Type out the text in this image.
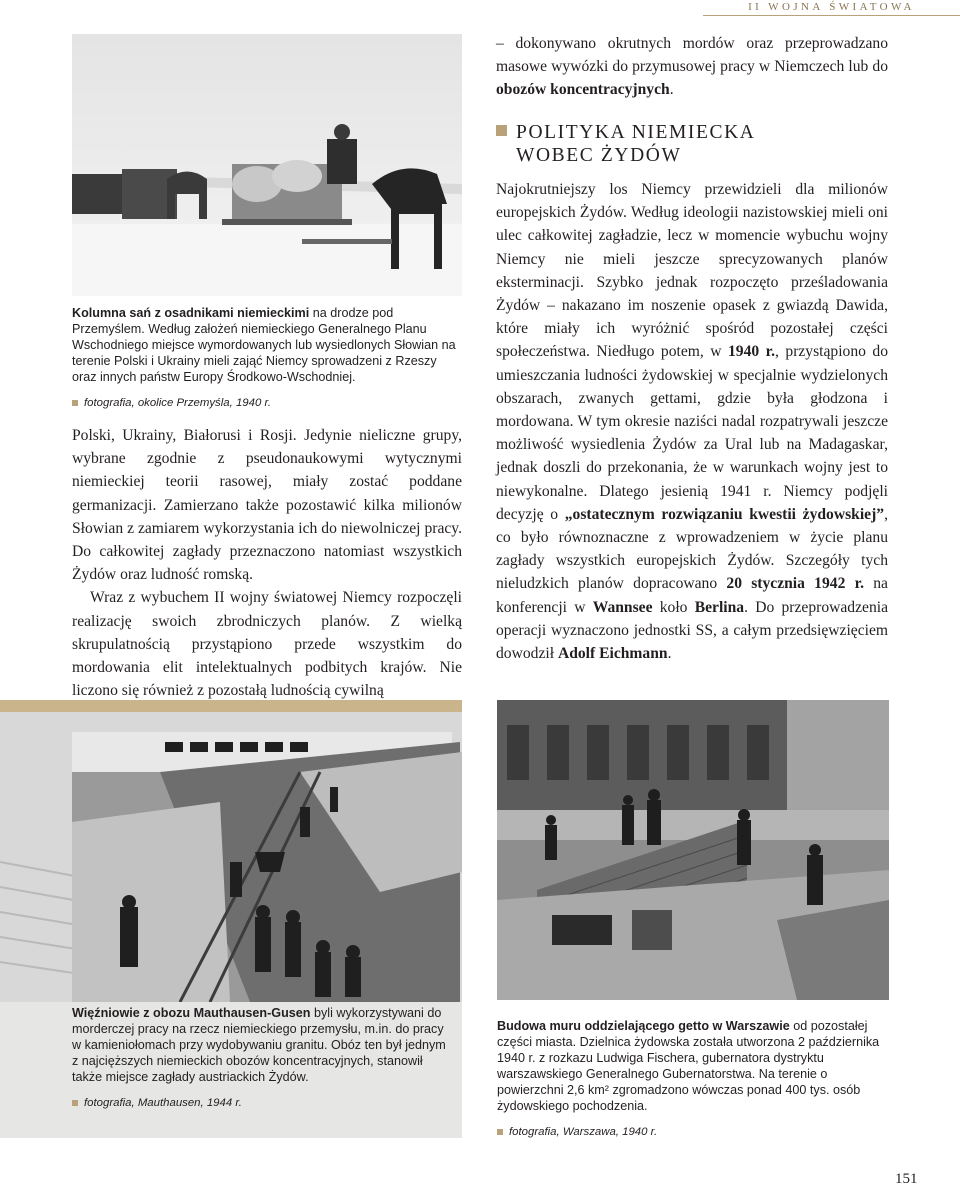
II WOJNA ŚWIATOWA
Kolumna sań z osadnikami niemieckimi na drodze pod Przemyślem. Według założeń niemieckiego Generalnego Planu Wschodniego miejsce wymordowanych lub wysiedlonych Słowian na terenie Polski i Ukrainy mieli zająć Niemcy sprowadzeni z Rzeszy oraz innych państw Europy Środkowo-Wschodniej.
fotografia, okolice Przemyśla, 1940 r.

Polski, Ukrainy, Białorusi i Rosji. Jedynie nieliczne grupy, wybrane zgodnie z pseudonaukowymi wytycznymi niemieckiej teorii rasowej, miały zostać poddane germanizacji. Zamierzano także pozostawić kilka milionów Słowian z zamiarem wykorzystania ich do niewolniczej pracy. Do całkowitej zagłady przeznaczono natomiast wszystkich Żydów oraz ludność romską.

Wraz z wybuchem II wojny światowej Niemcy rozpoczęli realizację swoich zbrodniczych planów. Z wielką skrupulatnością przystąpiono przede wszystkim do mordowania elit intelektualnych podbitych krajów. Nie liczono się również z pozostałą ludnością cywilną

– dokonywano okrutnych mordów oraz przeprowadzano masowe wywózki do przymusowej pracy w Niemczech lub do obozów koncentracyjnych.

POLITYKA NIEMIECKA
WOBEC ŻYDÓW

Najokrutniejszy los Niemcy przewidzieli dla milionów europejskich Żydów. Według ideologii nazistowskiej mieli oni ulec całkowitej zagładzie, lecz w momencie wybuchu wojny Niemcy nie mieli jeszcze sprecyzowanych planów eksterminacji. Szybko jednak rozpoczęto prześladowania Żydów – nakazano im noszenie opasek z gwiazdą Dawida, które miały ich wyróżnić spośród pozostałej części społeczeństwa. Niedługo potem, w 1940 r., przystąpiono do umieszczania ludności żydowskiej w specjalnie wydzielonych obszarach, zwanych gettami, gdzie była głodzona i mordowana. W tym okresie naziści nadal rozpatrywali jeszcze możliwość wysiedlenia Żydów za Ural lub na Madagaskar, jednak doszli do przekonania, że w warunkach wojny jest to niewykonalne. Dlatego jesienią 1941 r. Niemcy podjęli decyzję o „ostatecznym rozwiązaniu kwestii żydowskiej”, co było równoznaczne z wprowadzeniem w życie planu zagłady wszystkich europejskich Żydów. Szczegóły tych nieludzkich planów dopracowano 20 stycznia 1942 r. na konferencji w Wannsee koło Berlina. Do przeprowadzenia operacji wyznaczono jednostki SS, a całym przedsięwzięciem dowodził Adolf Eichmann.

Więźniowie z obozu Mauthausen-Gusen byli wykorzystywani do morderczej pracy na rzecz niemieckiego przemysłu, m.in. do pracy w kamieniołomach przy wydobywaniu granitu. Obóz ten był jednym z najcięższych niemieckich obozów koncentracyjnych, stanowił także miejsce zagłady austriackich Żydów.
fotografia, Mauthausen, 1944 r.
Budowa muru oddzielającego getto w Warszawie od pozostałej części miasta. Dzielnica żydowska została utworzona 2 października 1940 r. z rozkazu Ludwiga Fischera, gubernatora dystryktu warszawskiego Generalnego Gubernatorstwa. Na terenie o powierzchni 2,6 km² zgromadzono wówczas ponad 400 tys. osób żydowskiego pochodzenia.
fotografia, Warszawa, 1940 r.
151
